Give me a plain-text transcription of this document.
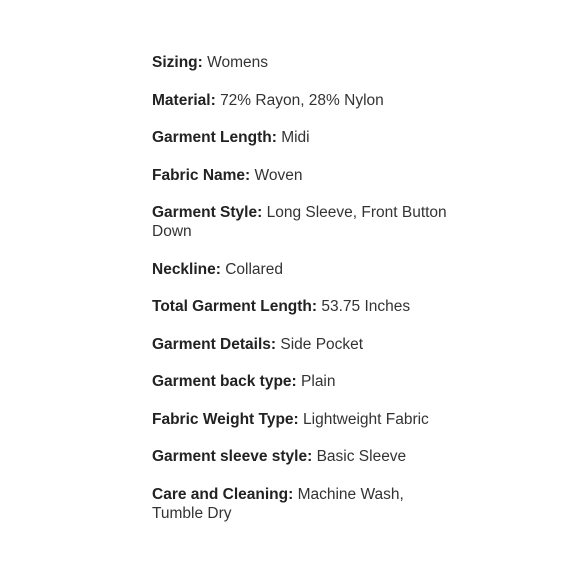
Sizing: Womens
Material: 72% Rayon, 28% Nylon
Garment Length: Midi
Fabric Name: Woven
Garment Style: Long Sleeve, Front Button Down
Neckline: Collared
Total Garment Length: 53.75 Inches
Garment Details: Side Pocket
Garment back type: Plain
Fabric Weight Type: Lightweight Fabric
Garment sleeve style: Basic Sleeve
Care and Cleaning: Machine Wash, Tumble Dry
